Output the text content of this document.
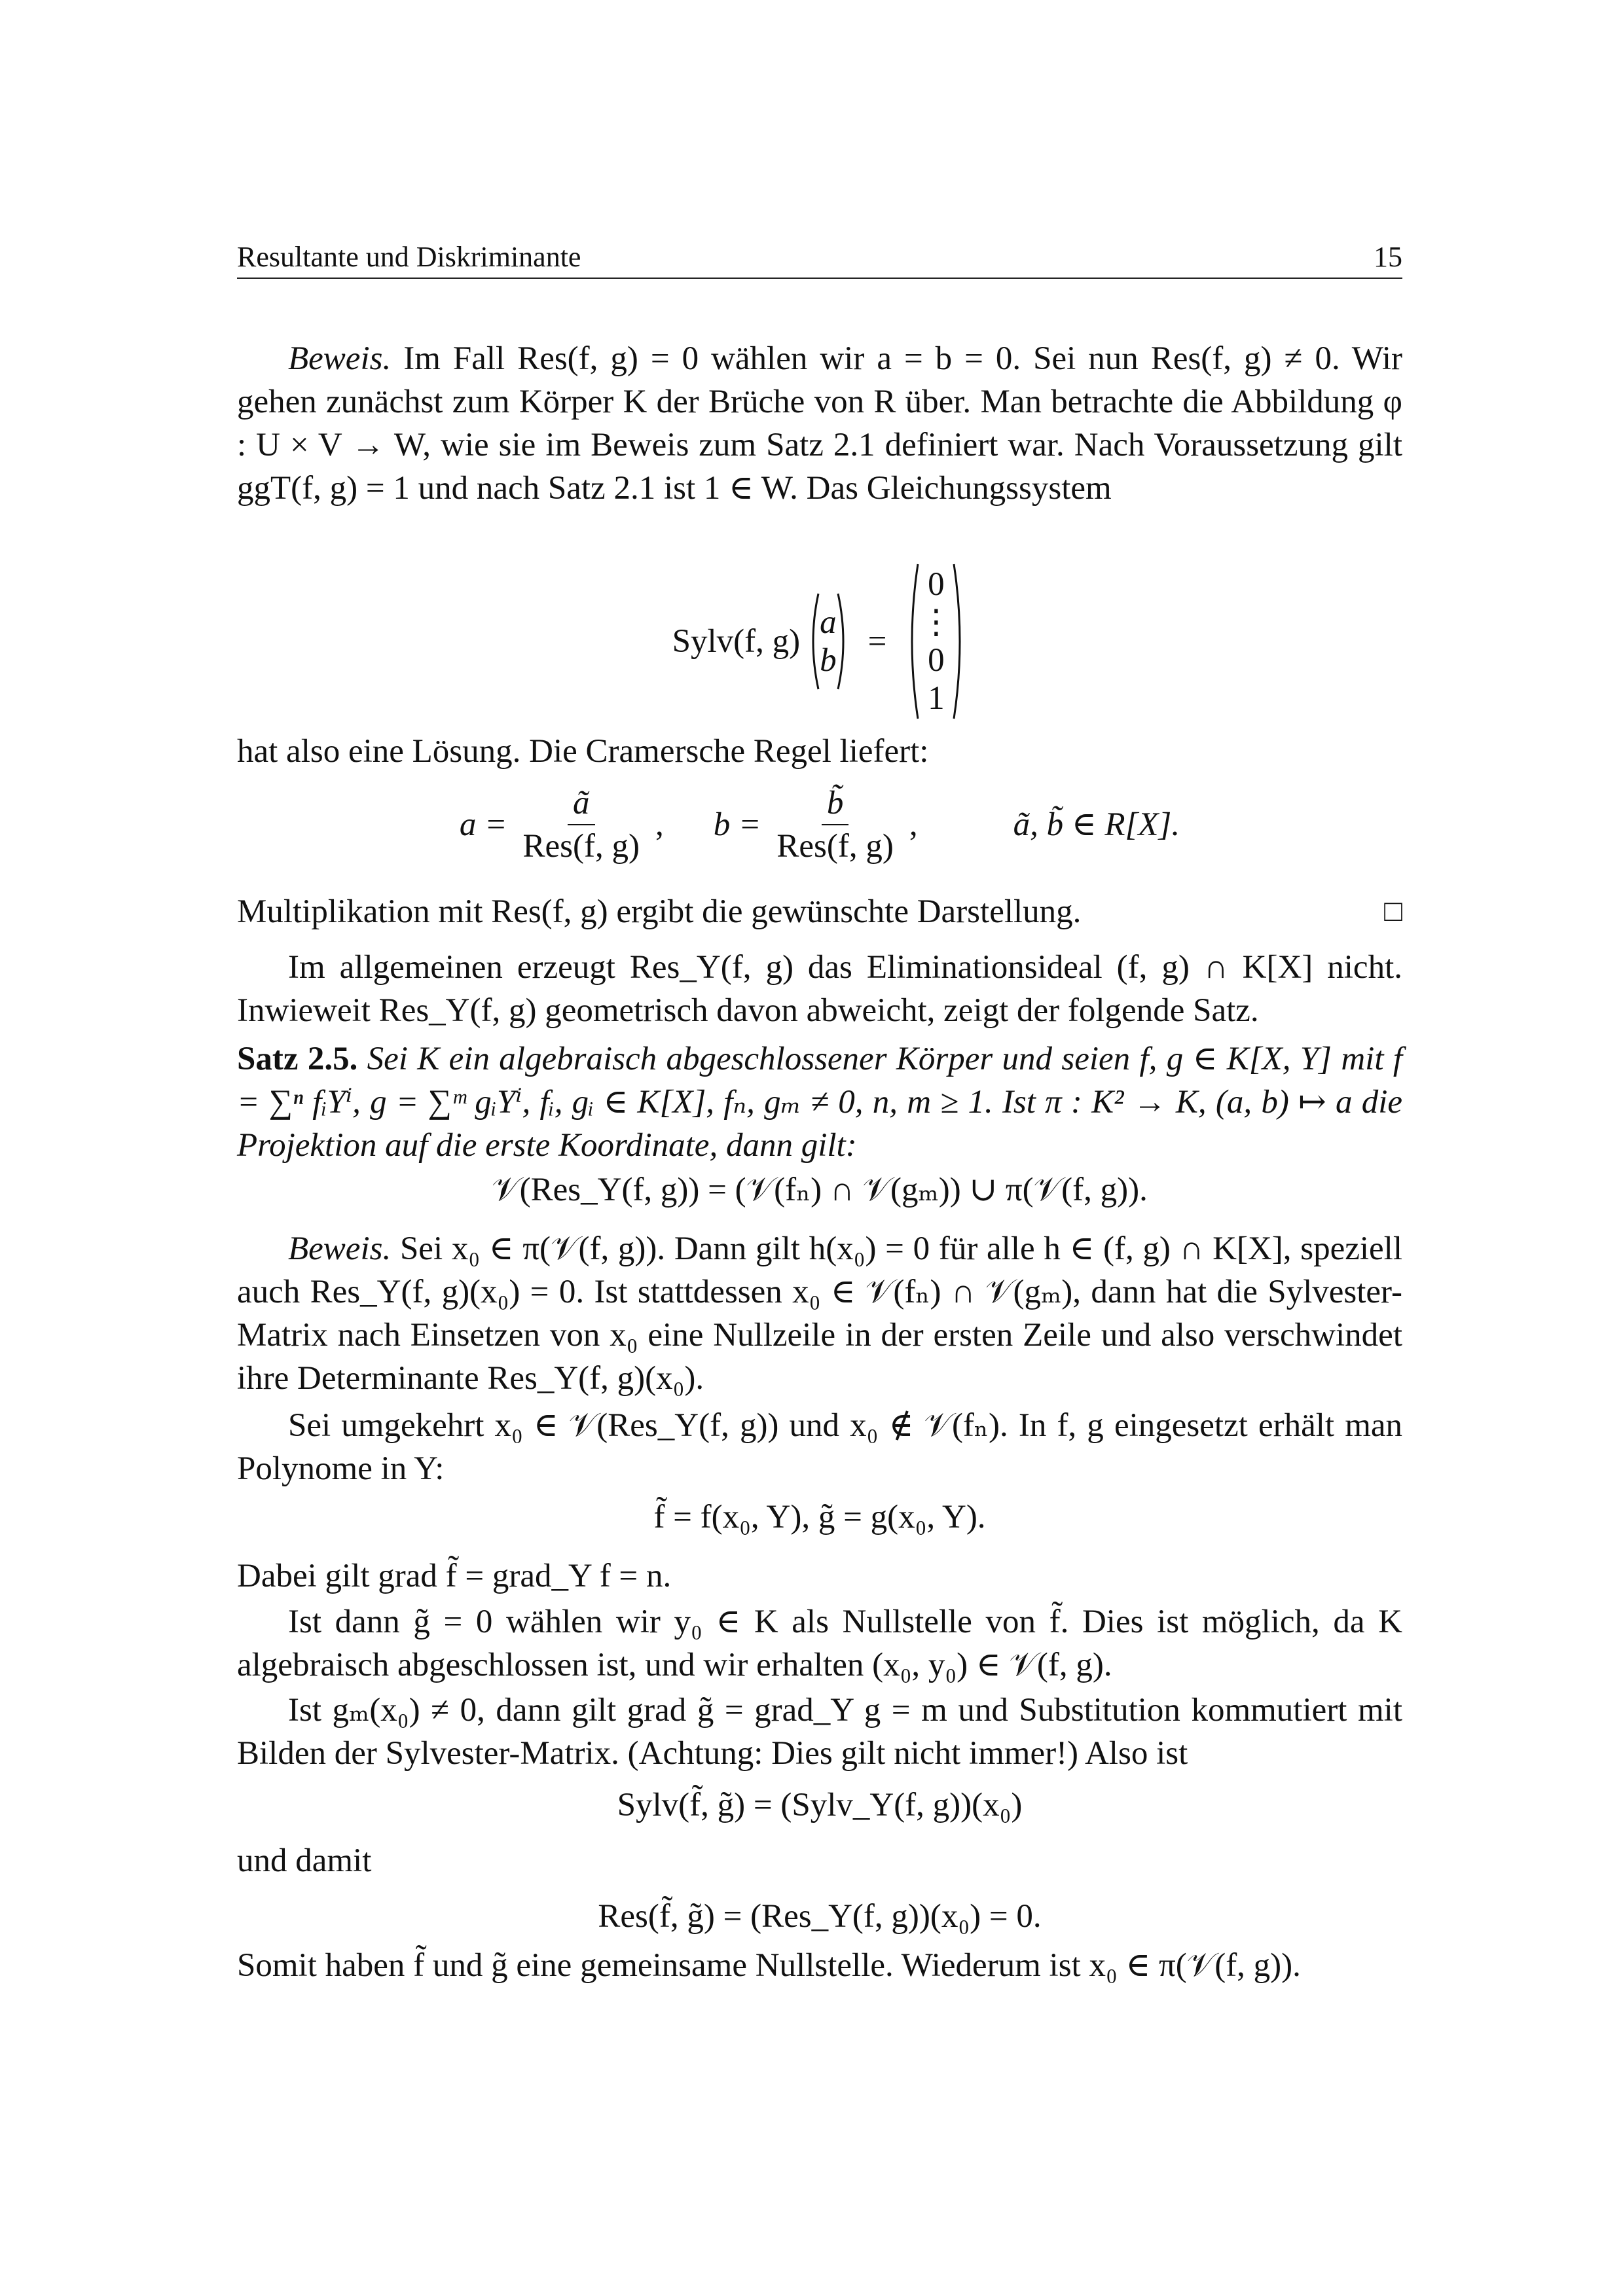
Resultante und Diskriminante	15

Beweis. Im Fall Res(f, g) = 0 wählen wir a = b = 0. Sei nun Res(f, g) ≠ 0. Wir gehen zunächst zum Körper K der Brüche von R über. Man betrachte die Abbildung φ : U × V → W, wie sie im Beweis zum Satz 2.1 definiert war. Nach Voraussetzung gilt ggT(f, g) = 1 und nach Satz 2.1 ist 1 ∈ W. Das Gleichungssystem

Sylv(f, g)
a
b
=
0
⋮
0
1

hat also eine Lösung. Die Cramersche Regel liefert:

$a = \frac{ã}{\text{Res(f, g)}}$ , $b = \frac{b̃}{\text{Res(f, g)}}$ ,	ã, b̃ ∈ R[X].

Multiplikation mit Res(f, g) ergibt die gewünschte Darstellung.	□

Im allgemeinen erzeugt Res_Y(f, g) das Eliminationsideal (f, g) ∩ K[X] nicht. Inwieweit Res_Y(f, g) geometrisch davon abweicht, zeigt der folgende Satz.

Satz 2.5. Sei K ein algebraisch abgeschlossener Körper und seien f, g ∈ K[X, Y] mit f = ∑ⁿ fᵢYⁱ, g = ∑ᵐ gᵢYⁱ, fᵢ, gᵢ ∈ K[X], fₙ, gₘ ≠ 0, n, m ≥ 1. Ist π : K² → K, (a, b) ↦ a die Projektion auf die erste Koordinate, dann gilt:

𝒱(Res_Y(f, g)) = (𝒱(fₙ) ∩ 𝒱(gₘ)) ∪ π(𝒱(f, g)).

Beweis. Sei x₀ ∈ π(𝒱(f, g)). Dann gilt h(x₀) = 0 für alle h ∈ (f, g) ∩ K[X], speziell auch Res_Y(f, g)(x₀) = 0. Ist stattdessen x₀ ∈ 𝒱(fₙ) ∩ 𝒱(gₘ), dann hat die Sylvester-Matrix nach Einsetzen von x₀ eine Nullzeile in der ersten Zeile und also verschwindet ihre Determinante Res_Y(f, g)(x₀).

Sei umgekehrt x₀ ∈ 𝒱(Res_Y(f, g)) und x₀ ∉ 𝒱(fₙ). In f, g eingesetzt erhält man Polynome in Y:

f̃ = f(x₀, Y), g̃ = g(x₀, Y).

Dabei gilt grad f̃ = grad_Y f = n.

Ist dann g̃ = 0 wählen wir y₀ ∈ K als Nullstelle von f̃. Dies ist möglich, da K algebraisch abgeschlossen ist, und wir erhalten (x₀, y₀) ∈ 𝒱(f, g).

Ist gₘ(x₀) ≠ 0, dann gilt grad g̃ = grad_Y g = m und Substitution kommutiert mit Bilden der Sylvester-Matrix. (Achtung: Dies gilt nicht immer!) Also ist

Sylv(f̃, g̃) = (Sylv_Y(f, g))(x₀)

und damit

Res(f̃, g̃) = (Res_Y(f, g))(x₀) = 0.

Somit haben f̃ und g̃ eine gemeinsame Nullstelle. Wiederum ist x₀ ∈ π(𝒱(f, g)).
